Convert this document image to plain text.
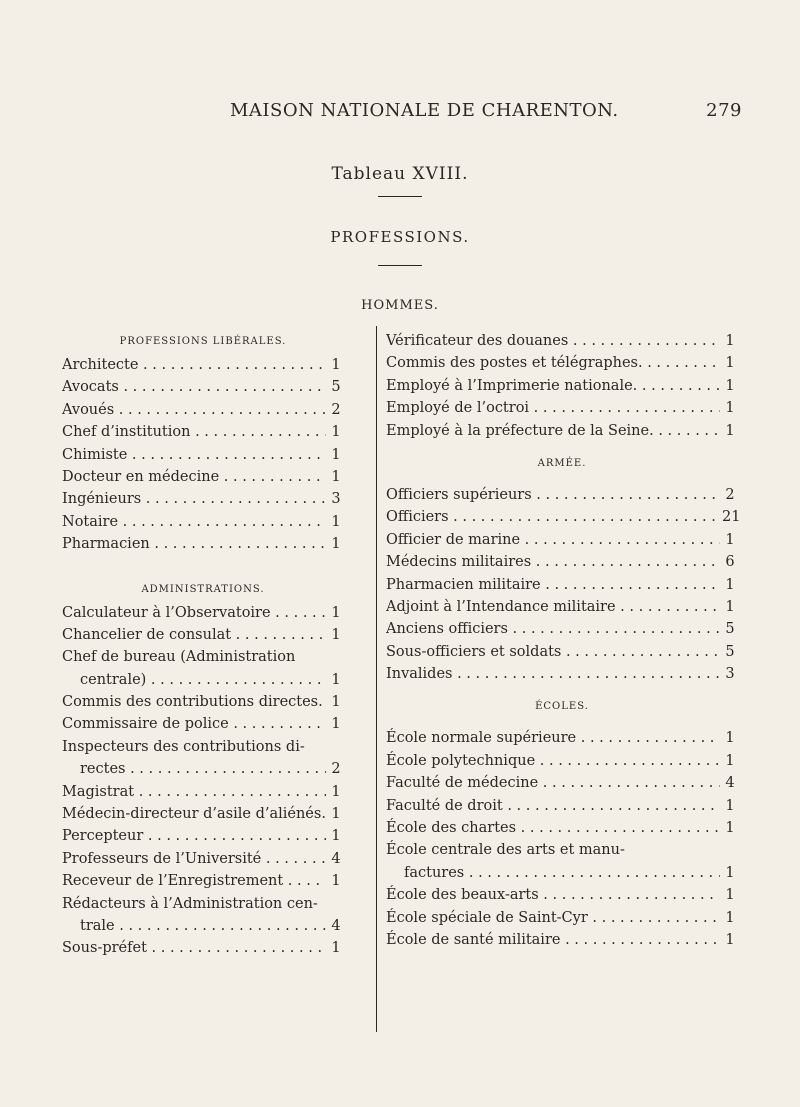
MAISON NATIONALE DE CHARENTON.	279
Tableau XVIII.
PROFESSIONS.
HOMMES.
PROFESSIONS LIBÉRALES.
Architecte . . .	1
Avocats . . .	5
Avoués . . .	2
Chef d’institution . . .	1
Chimiste . . .	1
Docteur en médecine . . .	1
Ingénieurs . . .	3
Notaire . . .	1
Pharmacien . . .	1
ADMINISTRATIONS.
Calculateur à l’Observatoire . . .	1
Chancelier de consulat . . .	1
Chef de bureau (Administration
centrale) . . .	1
Commis des contributions directes. . . . 1
Commissaire de police . . .	1
Inspecteurs des contributions di-
rectes . . .	2
Magistrat . . .	1
Médecin-directeur d’asile d’aliénés. . . . 1
Percepteur . . .	1
Professeurs de l’Université . . .	4
Receveur de l’Enregistrement . . .	1
Rédacteurs à l’Administration cen-
trale . . .	4
Sous-préfet . . .	1
Vérificateur des douanes . . .	1
Commis des postes et télégraphes. . . .	1
Employé à l’Imprimerie nationale. . . .	1
Employé de l’octroi . . .	1
Employé à la préfecture de la Seine. . . .	1
ARMÉE.
Officiers supérieurs . . .	2
Officiers . . .	21
Officier de marine . . .	1
Médecins militaires . . .	6
Pharmacien militaire . . .	1
Adjoint à l’Intendance militaire . . .	1
Anciens officiers . . .	5
Sous-officiers et soldats . . .	5
Invalides . . .	3
ÉCOLES.
École normale supérieure . . .	1
École polytechnique . . .	1
Faculté de médecine . . .	4
Faculté de droit . . .	1
École des chartes . . .	1
École centrale des arts et manu-
factures . . .	1
École des beaux-arts . . .	1
École spéciale de Saint-Cyr . . .	1
École de santé militaire . . .	1
